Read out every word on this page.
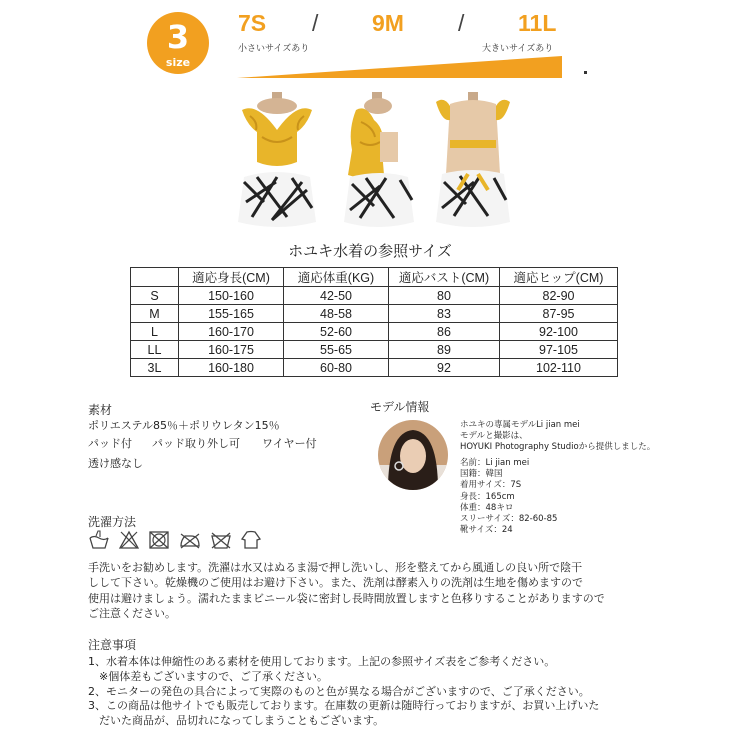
3
size
7S / 9M / 11L
小さいサイズあり	大きいサイズあり
ホユキ水着の参照サイズ
	適応身長(CM)	適応体重(KG)	適応バスト(CM)	適応ヒップ(CM)
S	150-160	42-50	80	82-90
M	155-165	48-58	83	87-95
L	160-170	52-60	86	92-100
LL	160-175	55-65	89	97-105
3L	160-180	60-80	92	102-110
素材
ポリエステル85％＋ポリウレタン15％
パッド付 パッド取り外し可 ワイヤー付
透け感なし
モデル情報
ホユキの専属モデルLi jian mei
モデルと撮影は、
HOYUKI Photography Studioから提供しました。
名前：Li jian mei
国籍：韓国
着用サイズ：7S
身長：165cm
体重：48キロ
スリーサイズ：82-60-85
靴サイズ：24
洗濯方法

手洗いをお勧めします。洗濯は水又はぬるま湯で押し洗いし、形を整えてから風通しの良い所で陰干
しして下さい。乾燥機のご使用はお避け下さい。また、洗剤は酵素入りの洗剤は生地を傷めますので
使用は避けましょう。濡れたままビニール袋に密封し長時間放置しますと色移りすることがありますので
ご注意ください。
注意事項
1、水着本体は伸縮性のある素材を使用しております。上記の参照サイズ表をご参考ください。
　※個体差もございますので、ご了承ください。
2、モニターの発色の具合によって実際のものと色が異なる場合がございますので、ご了承ください。
3、この商品は他サイトでも販売しております。在庫数の更新は随時行っておりますが、お買い上げいた
　だいた商品が、品切れになってしまうこともございます。
